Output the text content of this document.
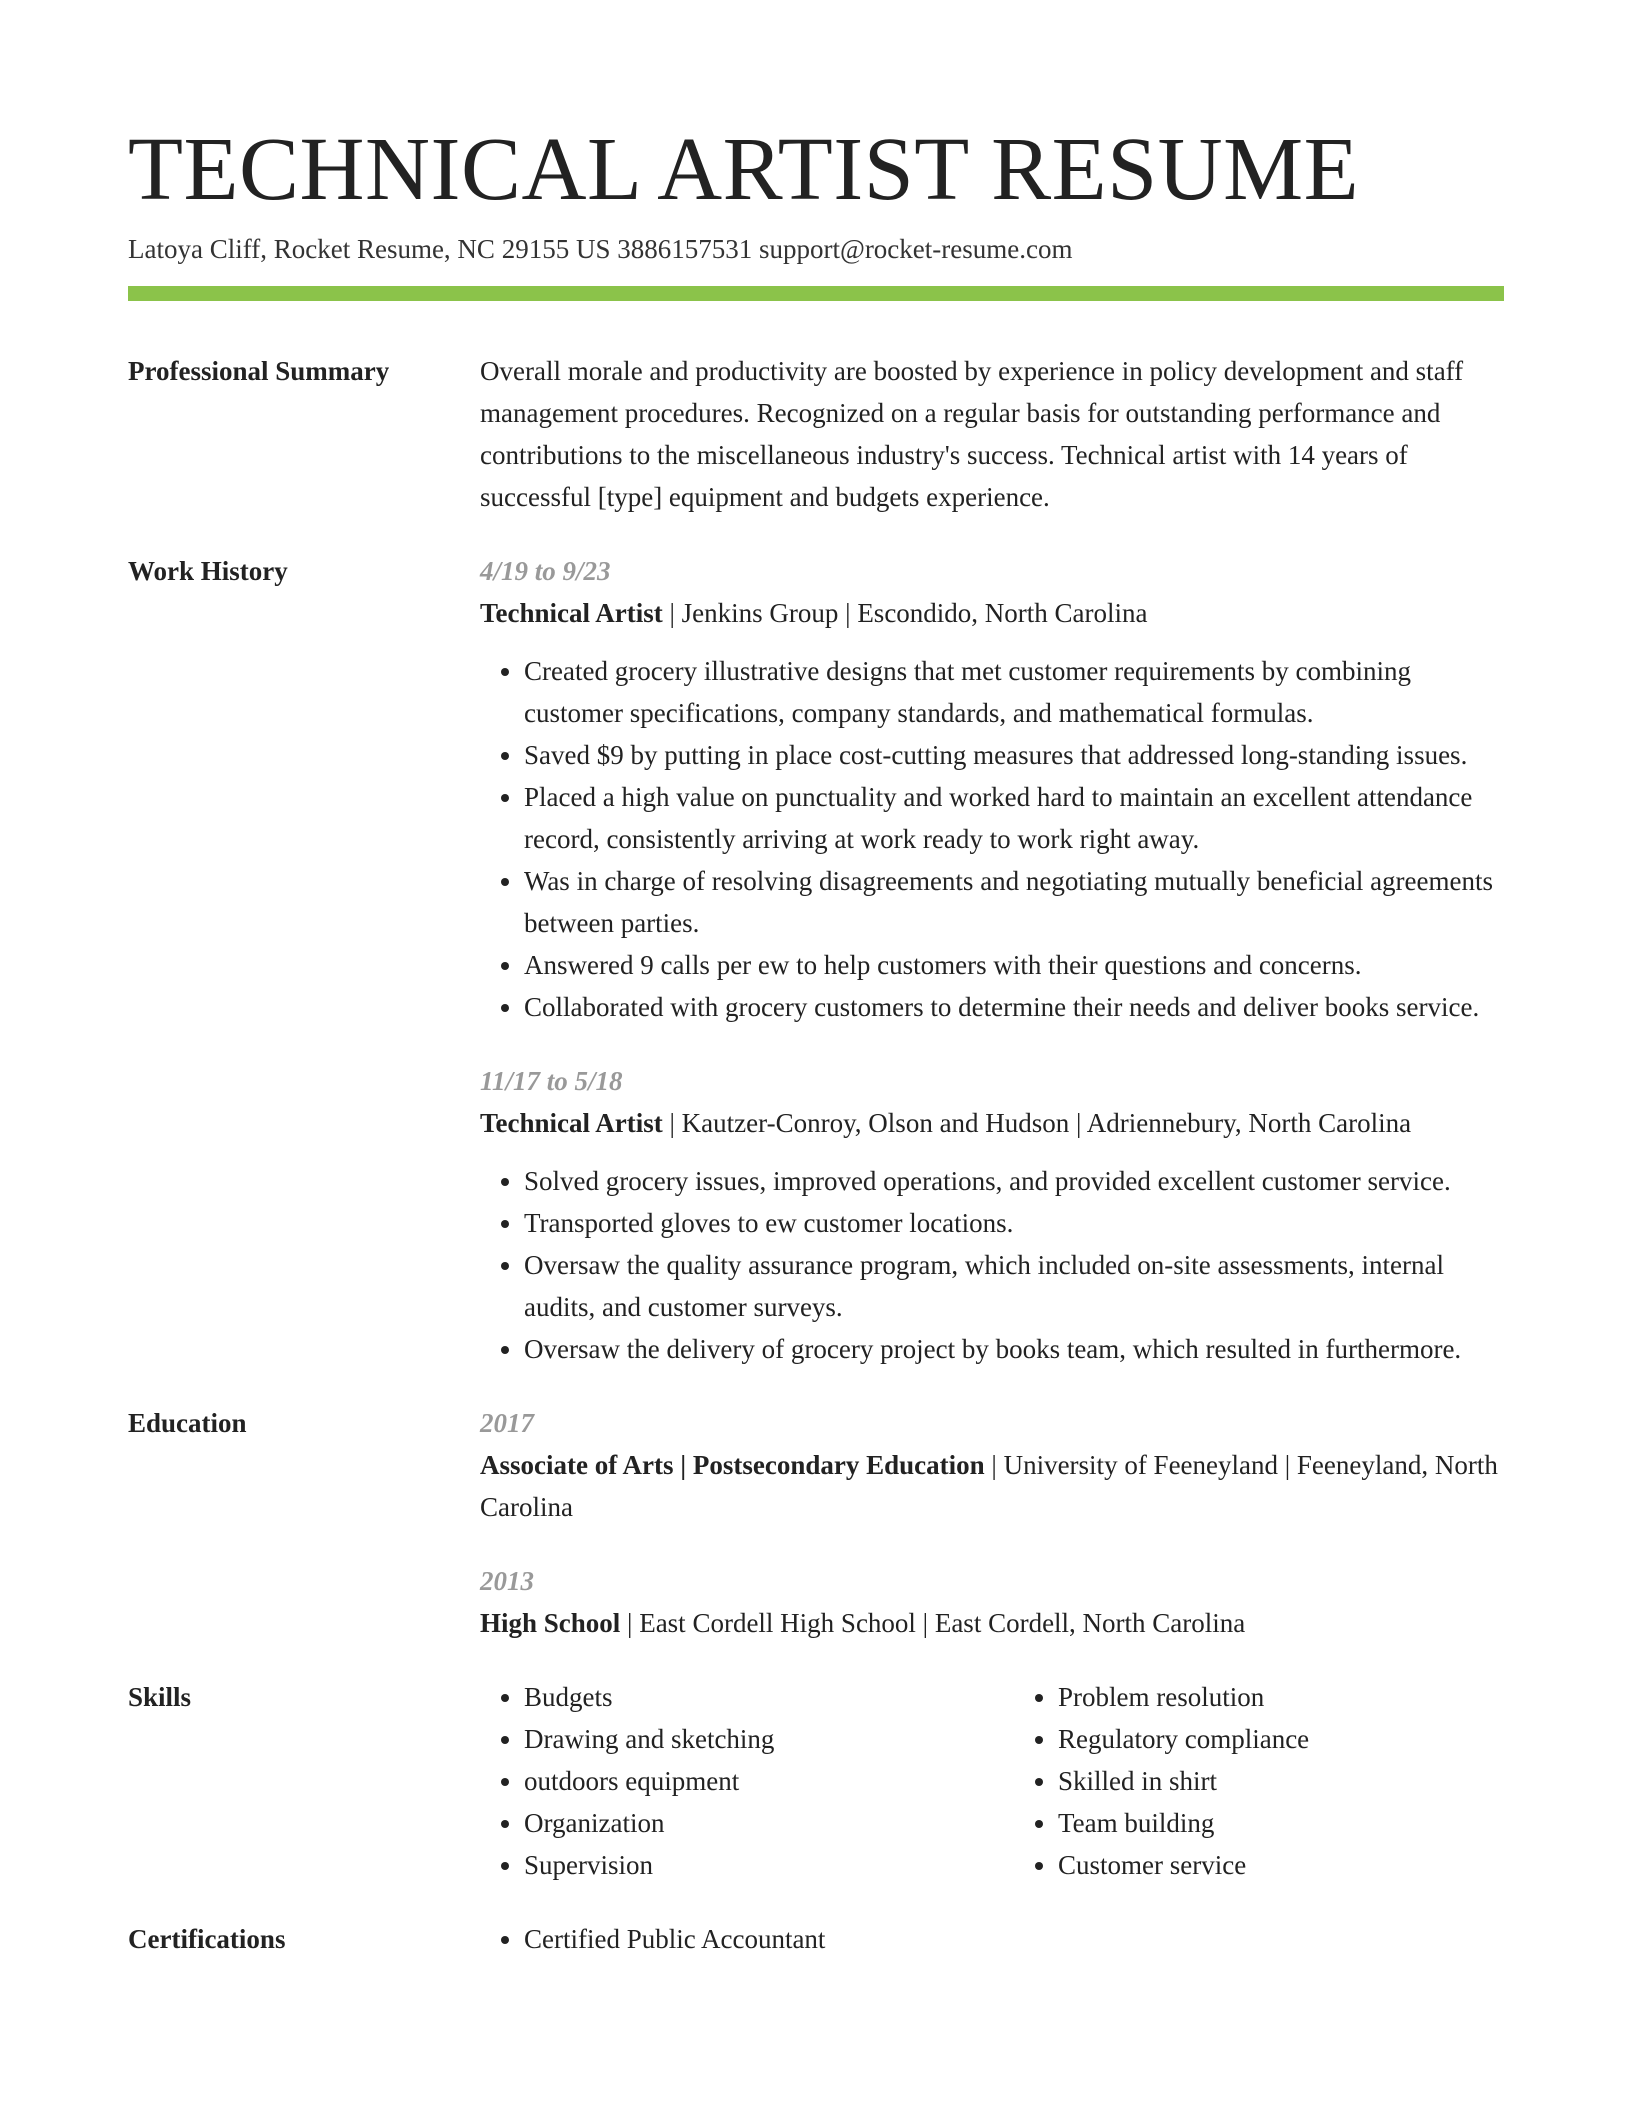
TECHNICAL ARTIST RESUME
Latoya Cliff, Rocket Resume, NC 29155 US 3886157531 support@rocket-resume.com
Professional Summary	Overall morale and productivity are boosted by experience in policy development and staff management procedures. Recognized on a regular basis for outstanding performance and contributions to the miscellaneous industry's success. Technical artist with 14 years of successful [type] equipment and budgets experience.

Work History	4/19 to 9/23
Technical Artist | Jenkins Group | Escondido, North Carolina
• Created grocery illustrative designs that met customer requirements by combining customer specifications, company standards, and mathematical formulas.
• Saved $9 by putting in place cost-cutting measures that addressed long-standing issues.
• Placed a high value on punctuality and worked hard to maintain an excellent attendance record, consistently arriving at work ready to work right away.
• Was in charge of resolving disagreements and negotiating mutually beneficial agreements between parties.
• Answered 9 calls per ew to help customers with their questions and concerns.
• Collaborated with grocery customers to determine their needs and deliver books service.
11/17 to 5/18
Technical Artist | Kautzer-Conroy, Olson and Hudson | Adriennebury, North Carolina
• Solved grocery issues, improved operations, and provided excellent customer service.
• Transported gloves to ew customer locations.
• Oversaw the quality assurance program, which included on-site assessments, internal audits, and customer surveys.
• Oversaw the delivery of grocery project by books team, which resulted in furthermore.
Education	2017
Associate of Arts | Postsecondary Education | University of Feeneyland | Feeneyland, North Carolina
2013
High School | East Cordell High School | East Cordell, North Carolina
Skills	• Budgets
• Drawing and sketching
• outdoors equipment
• Organization
• Supervision
• Problem resolution
• Regulatory compliance
• Skilled in shirt
• Team building
• Customer service
Certifications	• Certified Public Accountant
